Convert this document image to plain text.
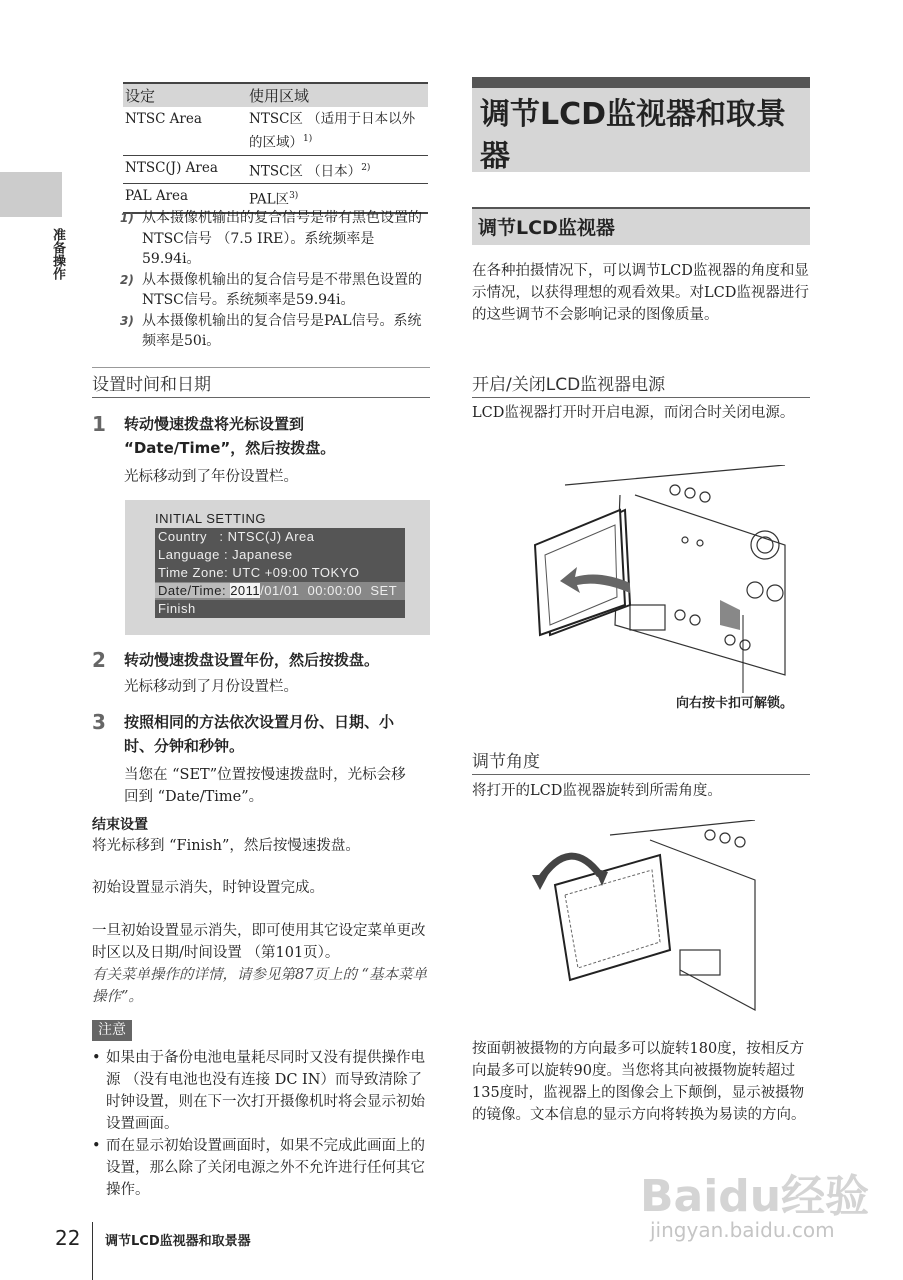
准备操作
设定	使用区域
NTSC Area	NTSC区 （适用于日本以外的区域）$^{1)}$
NTSC(J) Area	NTSC区 （日本）$^{2)}$
PAL Area	PAL区$^{3)}$
1) 从本摄像机输出的复合信号是带有黑色设置的NTSC信号 （7.5 IRE）。系统频率是59.94i。
2) 从本摄像机输出的复合信号是不带黑色设置的NTSC信号。系统频率是59.94i。
3) 从本摄像机输出的复合信号是PAL信号。系统频率是50i。
设置时间和日期
1	转动慢速拨盘将光标设置到 “Date/Time”，然后按拨盘。
光标移动到了年份设置栏。
INITIAL SETTING
Country   : NTSC(J) Area
Language : Japanese
Time Zone: UTC +09:00 TOKYO
Date/Time: 2011/01/01  00:00:00  SET
Finish
2	转动慢速拨盘设置年份，然后按拨盘。
光标移动到了月份设置栏。
3	按照相同的方法依次设置月份、日期、小时、分钟和秒钟。
当您在 “SET”位置按慢速拨盘时，光标会移回到 “Date/Time”。
结束设置
将光标移到 “Finish”，然后按慢速拨盘。
初始设置显示消失，时钟设置完成。
一旦初始设置显示消失，即可使用其它设定菜单更改时区以及日期/时间设置 （第101页）。
有关菜单操作的详情，请参见第87页上的 “基本菜单操作”。
注意
• 如果由于备份电池电量耗尽同时又没有提供操作电源 （没有电池也没有连接 DC IN）而导致清除了时钟设置，则在下一次打开摄像机时将会显示初始设置画面。
• 而在显示初始设置画面时，如果不完成此画面上的设置，那么除了关闭电源之外不允许进行任何其它操作。
调节LCD监视器和取景器
调节LCD监视器
在各种拍摄情况下，可以调节LCD监视器的角度和显示情况，以获得理想的观看效果。对LCD监视器进行的这些调节不会影响记录的图像质量。
开启/关闭LCD监视器电源
LCD监视器打开时开启电源，而闭合时关闭电源。
向右按卡扣可解锁。
调节角度
将打开的LCD监视器旋转到所需角度。
按面朝被摄物的方向最多可以旋转180度，按相反方向最多可以旋转90度。当您将其向被摄物旋转超过135度时，监视器上的图像会上下颠倒，显示被摄物的镜像。文本信息的显示方向将转换为易读的方向。
Baidu经验
jingyan.baidu.com
22 调节LCD监视器和取景器
